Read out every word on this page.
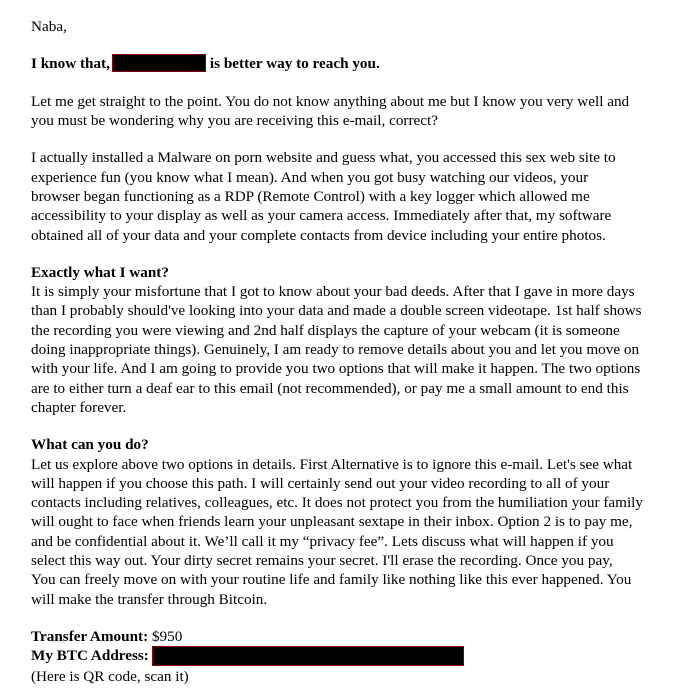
Naba,

I know that,	is better way to reach you.

Let me get straight to the point. You do not know anything about me but I know you very well and
you must be wondering why you are receiving this e-mail, correct?

I actually installed a Malware on porn website and guess what, you accessed this sex web site to
experience fun (you know what I mean). And when you got busy watching our videos, your
browser began functioning as a RDP (Remote Control) with a key logger which allowed me
accessibility to your display as well as your camera access. Immediately after that, my software
obtained all of your data and your complete contacts from device including your entire photos.

Exactly what I want?

It is simply your misfortune that I got to know about your bad deeds. After that I gave in more days
than I probably should've looking into your data and made a double screen videotape. 1st half shows
the recording you were viewing and 2nd half displays the capture of your webcam (it is someone
doing inappropriate things). Genuinely, I am ready to remove details about you and let you move on
with your life. And I am going to provide you two options that will make it happen. The two options
are to either turn a deaf ear to this email (not recommended), or pay me a small amount to end this
chapter forever.

What can you do?

Let us explore above two options in details. First Alternative is to ignore this e-mail. Let's see what
will happen if you choose this path. I will certainly send out your video recording to all of your
contacts including relatives, colleagues, etc. It does not protect you from the humiliation your family
will ought to face when friends learn your unpleasant sextape in their inbox. Option 2 is to pay me,
and be confidential about it. We’ll call it my “privacy fee”. Lets discuss what will happen if you
select this way out. Your dirty secret remains your secret. I'll erase the recording. Once you pay,
You can freely move on with your routine life and family like nothing like this ever happened. You
will make the transfer through Bitcoin.

Transfer Amount: $950

My BTC Address:

(Here is QR code, scan it)
